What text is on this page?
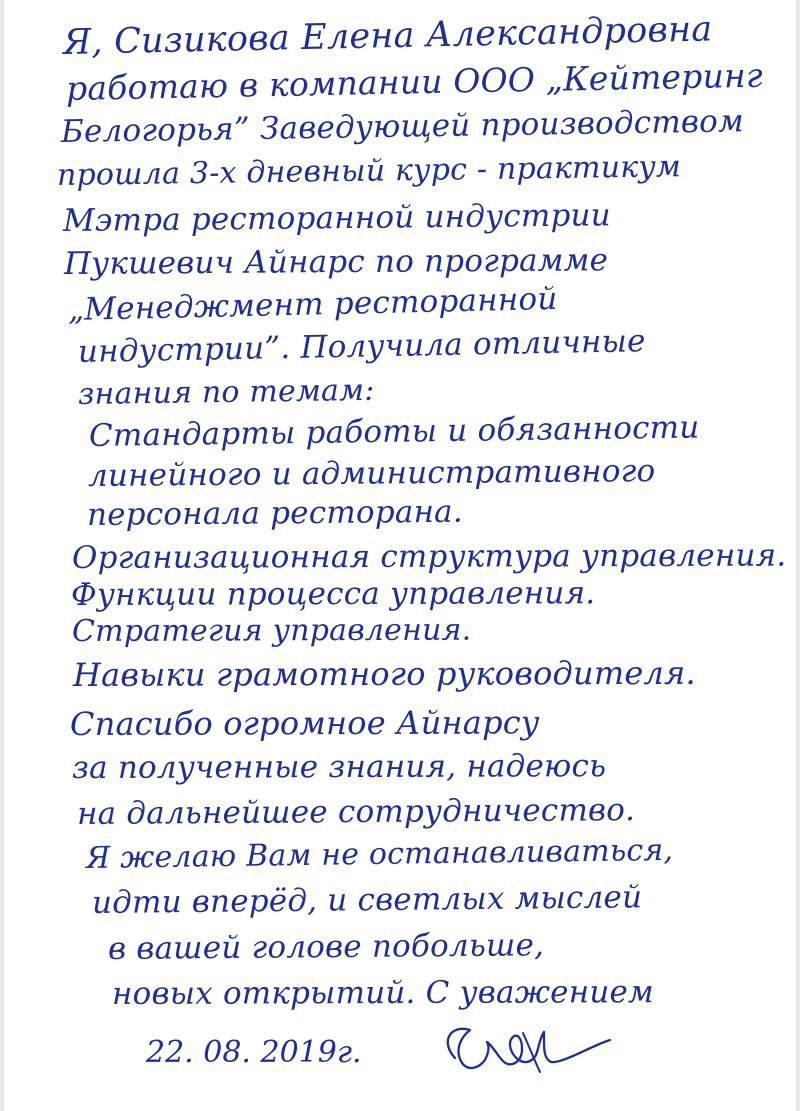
Я, Сизикова Елена Александровна
работаю в компании ООО „Кейтеринг
Белогорья” Заведующей производством
прошла 3-х дневный курс - практикум
Мэтра ресторанной индустрии
Пукшевич Айнарс по программе
„Менеджмент ресторанной
индустрии”. Получила отличные
знания по темам:
Стандарты работы и обязанности
линейного и административного
персонала ресторана.
Организационная структура управления.
Функции процесса управления.
Стратегия управления.
Навыки грамотного руководителя.
Спасибо огромное Айнарсу
за полученные знания, надеюсь
на дальнейшее сотрудничество.
Я желаю Вам не останавливаться,
идти вперёд, и светлых мыслей
в вашей голове побольше,
новых открытий. С уважением
22. 08. 2019г.
